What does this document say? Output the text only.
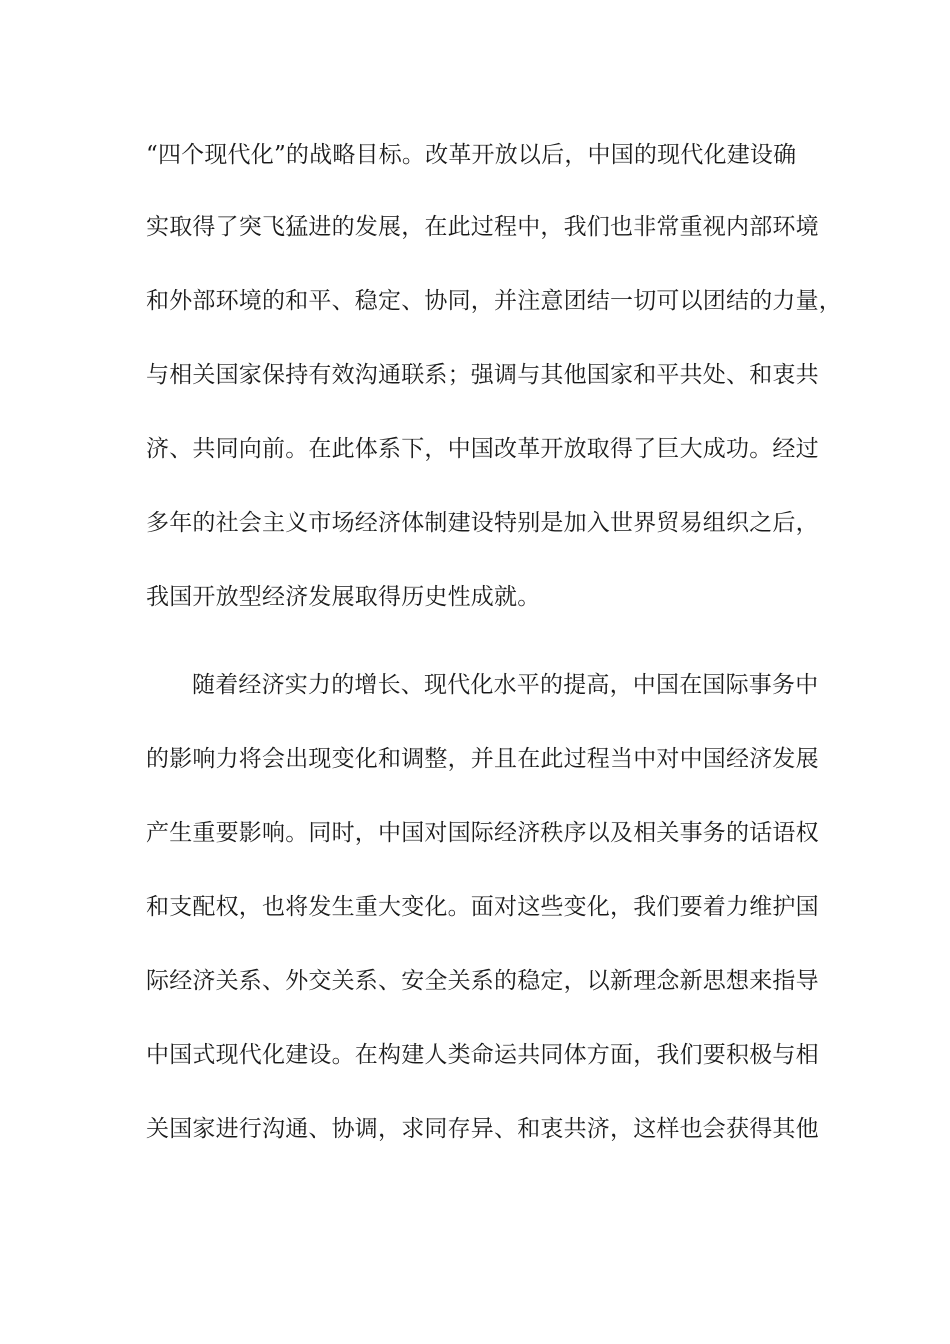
“四个现代化”的战略目标。改革开放以后，中国的现代化建设确
实取得了突飞猛进的发展，在此过程中，我们也非常重视内部环境
和外部环境的和平、稳定、协同，并注意团结一切可以团结的力量，
与相关国家保持有效沟通联系；强调与其他国家和平共处、和衷共
济、共同向前。在此体系下，中国改革开放取得了巨大成功。经过
多年的社会主义市场经济体制建设特别是加入世界贸易组织之后，
我国开放型经济发展取得历史性成就。
随着经济实力的增长、现代化水平的提高，中国在国际事务中
的影响力将会出现变化和调整，并且在此过程当中对中国经济发展
产生重要影响。同时，中国对国际经济秩序以及相关事务的话语权
和支配权，也将发生重大变化。面对这些变化，我们要着力维护国
际经济关系、外交关系、安全关系的稳定，以新理念新思想来指导
中国式现代化建设。在构建人类命运共同体方面，我们要积极与相
关国家进行沟通、协调，求同存异、和衷共济，这样也会获得其他
